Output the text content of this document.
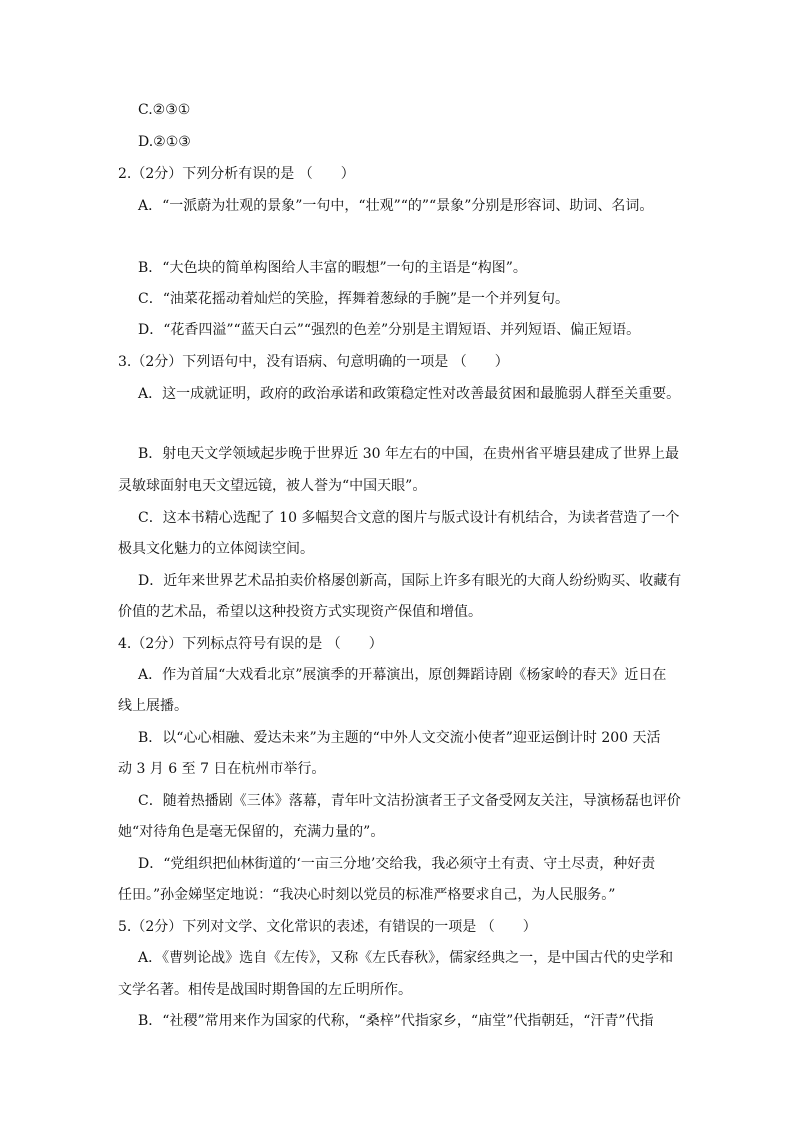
C.②③①
D.②①③
2.（2分）下列分析有误的是 （　　）
A．“一派蔚为壮观的景象”一句中，“壮观”“的”“景象”分别是形容词、助词、名词。
B．“大色块的简单构图给人丰富的暇想”一句的主语是“构图”。
C．“油菜花摇动着灿烂的笑脸，挥舞着葱绿的手腕”是一个并列复句。
D．“花香四溢”“蓝天白云”“强烈的色差”分别是主谓短语、并列短语、偏正短语。
3.（2分）下列语句中，没有语病、句意明确的一项是 （　　）
A．这一成就证明，政府的政治承诺和政策稳定性对改善最贫困和最脆弱人群至关重要。
B．射电天文学领域起步晚于世界近 30 年左右的中国，在贵州省平塘县建成了世界上最
灵敏球面射电天文望远镜，被人誉为“中国天眼”。
C．这本书精心选配了 10 多幅契合文意的图片与版式设计有机结合，为读者营造了一个
极具文化魅力的立体阅读空间。
D．近年来世界艺术品拍卖价格屡创新高，国际上许多有眼光的大商人纷纷购买、收藏有
价值的艺术品，希望以这种投资方式实现资产保值和增值。
4.（2分）下列标点符号有误的是 （　　）
A．作为首届“大戏看北京”展演季的开幕演出，原创舞蹈诗剧《杨家岭的春天》近日在
线上展播。
B．以“心心相融、爱达未来”为主题的“中外人文交流小使者”迎亚运倒计时 200 天活
动 3 月 6 至 7 日在杭州市举行。
C．随着热播剧《三体》落幕，青年叶文洁扮演者王子文备受网友关注，导演杨磊也评价
她“对待角色是毫无保留的，充满力量的”。
D．“党组织把仙林街道的‘一亩三分地’交给我，我必须守土有责、守土尽责，种好责
任田。”孙金娣坚定地说：“我决心时刻以党员的标准严格要求自己，为人民服务。”
5.（2分）下列对文学、文化常识的表述，有错误的一项是 （　　）
A．《曹刿论战》选自《左传》，又称《左氏春秋》，儒家经典之一，是中国古代的史学和
文学名著。相传是战国时期鲁国的左丘明所作。
B．“社稷”常用来作为国家的代称，“桑梓”代指家乡，“庙堂”代指朝廷，“汗青”代指
